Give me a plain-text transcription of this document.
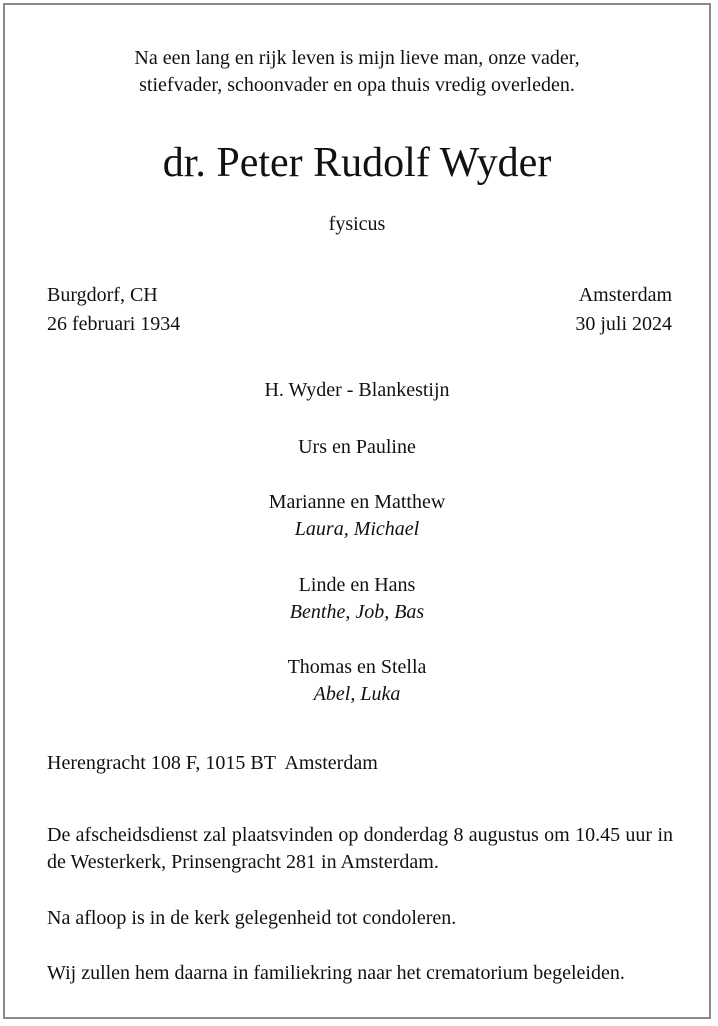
Na een lang en rijk leven is mijn lieve man, onze vader,
stiefvader, schoonvader en opa thuis vredig overleden.
dr. Peter Rudolf Wyder
fysicus
Burgdorf, CH
26 februari 1934
Amsterdam
30 juli 2024
H. Wyder - Blankestijn
Urs en Pauline
Marianne en Matthew
Laura, Michael
Linde en Hans
Benthe, Job, Bas
Thomas en Stella
Abel, Luka
Herengracht 108 F, 1015 BT  Amsterdam
De afscheidsdienst zal plaatsvinden op donderdag 8 augustus om 10.45 uur in de Westerkerk, Prinsengracht 281 in Amsterdam.
Na afloop is in de kerk gelegenheid tot condoleren.
Wij zullen hem daarna in familiekring naar het crematorium begeleiden.
